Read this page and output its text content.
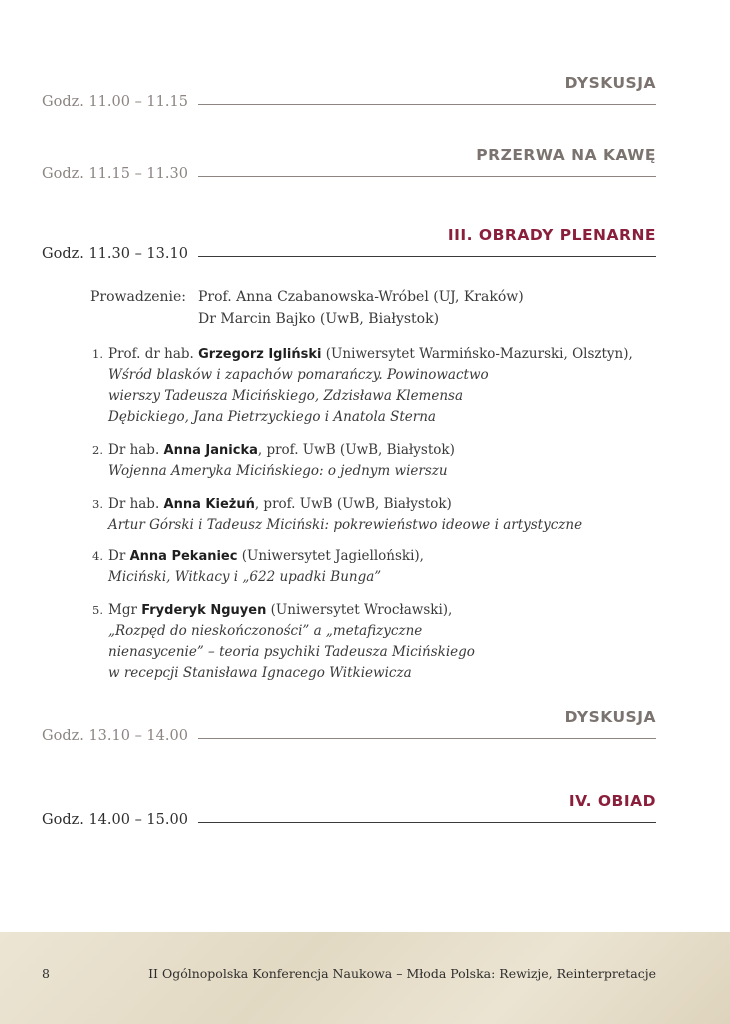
DYSKUSJA
Godz. 11.00 – 11.15
PRZERWA NA KAWĘ
Godz. 11.15 – 11.30
III. OBRADY PLENARNE
Godz. 11.30 – 13.10
Prowadzenie: Prof. Anna Czabanowska-Wróbel (UJ, Kraków)
Dr Marcin Bajko (UwB, Białystok)
1. Prof. dr hab. Grzegorz Igliński (Uniwersytet Warmińsko-Mazurski, Olsztyn),
Wśród blasków i zapachów pomarańczy. Powinowactwo
wierszy Tadeusza Micińskiego, Zdzisława Klemensa
Dębickiego, Jana Pietrzyckiego i Anatola Sterna
2. Dr hab. Anna Janicka, prof. UwB (UwB, Białystok)
Wojenna Ameryka Micińskiego: o jednym wierszu
3. Dr hab. Anna Kieżuń, prof. UwB (UwB, Białystok)
Artur Górski i Tadeusz Miciński: pokrewieństwo ideowe i artystyczne
4. Dr Anna Pekaniec (Uniwersytet Jagielloński),
Miciński, Witkacy i „622 upadki Bunga”
5. Mgr Fryderyk Nguyen (Uniwersytet Wrocławski),
„Rozpęd do nieskończoności” a „metafizyczne
nienasycenie” – teoria psychiki Tadeusza Micińskiego
w recepcji Stanisława Ignacego Witkiewicza
DYSKUSJA
Godz. 13.10 – 14.00
IV. OBIAD
Godz. 14.00 – 15.00
8	II Ogólnopolska Konferencja Naukowa – Młoda Polska: Rewizje, Reinterpretacje
